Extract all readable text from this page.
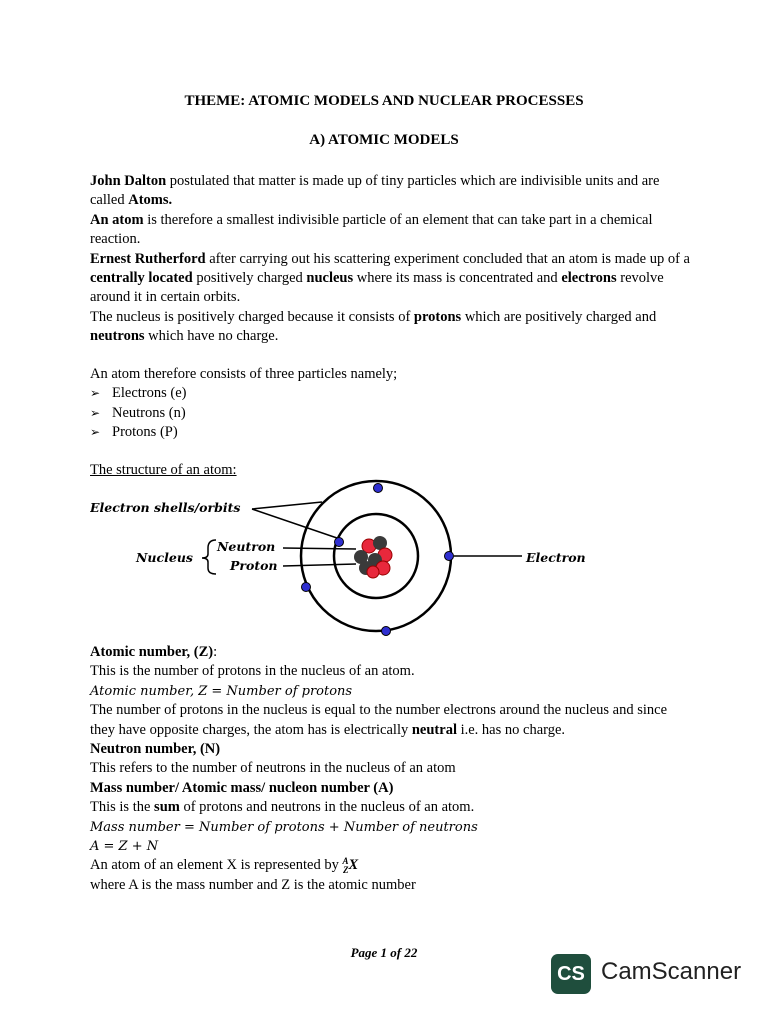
THEME: ATOMIC MODELS AND NUCLEAR PROCESSES
A) ATOMIC MODELS

John Dalton postulated that matter is made up of tiny particles which are indivisible units and are called Atoms.

An atom is therefore a smallest indivisible particle of an element that can take part in a chemical reaction.

Ernest Rutherford after carrying out his scattering experiment concluded that an atom is made up of a centrally located positively charged nucleus where its mass is concentrated and electrons revolve around it in certain orbits.

The nucleus is positively charged because it consists of protons which are positively charged and neutrons which have no charge.

An atom therefore consists of three particles namely;

➢ Electrons (e)
➢ Neutrons (n)
➢ Protons (P)
The structure of an atom:
Electron shells/orbits
Nucleus
Neutron
Proton
Electron

Atomic number, (Z):

This is the number of protons in the nucleus of an atom.

Atomic number, Z = Number of protons

The number of protons in the nucleus is equal to the number electrons around the nucleus and since they have opposite charges, the atom has is electrically neutral i.e. has no charge.

Neutron number, (N)

This refers to the number of neutrons in the nucleus of an atom

Mass number/ Atomic mass/ nucleon number (A)

This is the sum of protons and neutrons in the nucleus of an atom.

Mass number = Number of protons + Number of neutrons

A = Z + N

An atom of an element X is represented by A
ZX

where A is the mass number and Z is the atomic number

Page 1 of 22
CS CamScanner
